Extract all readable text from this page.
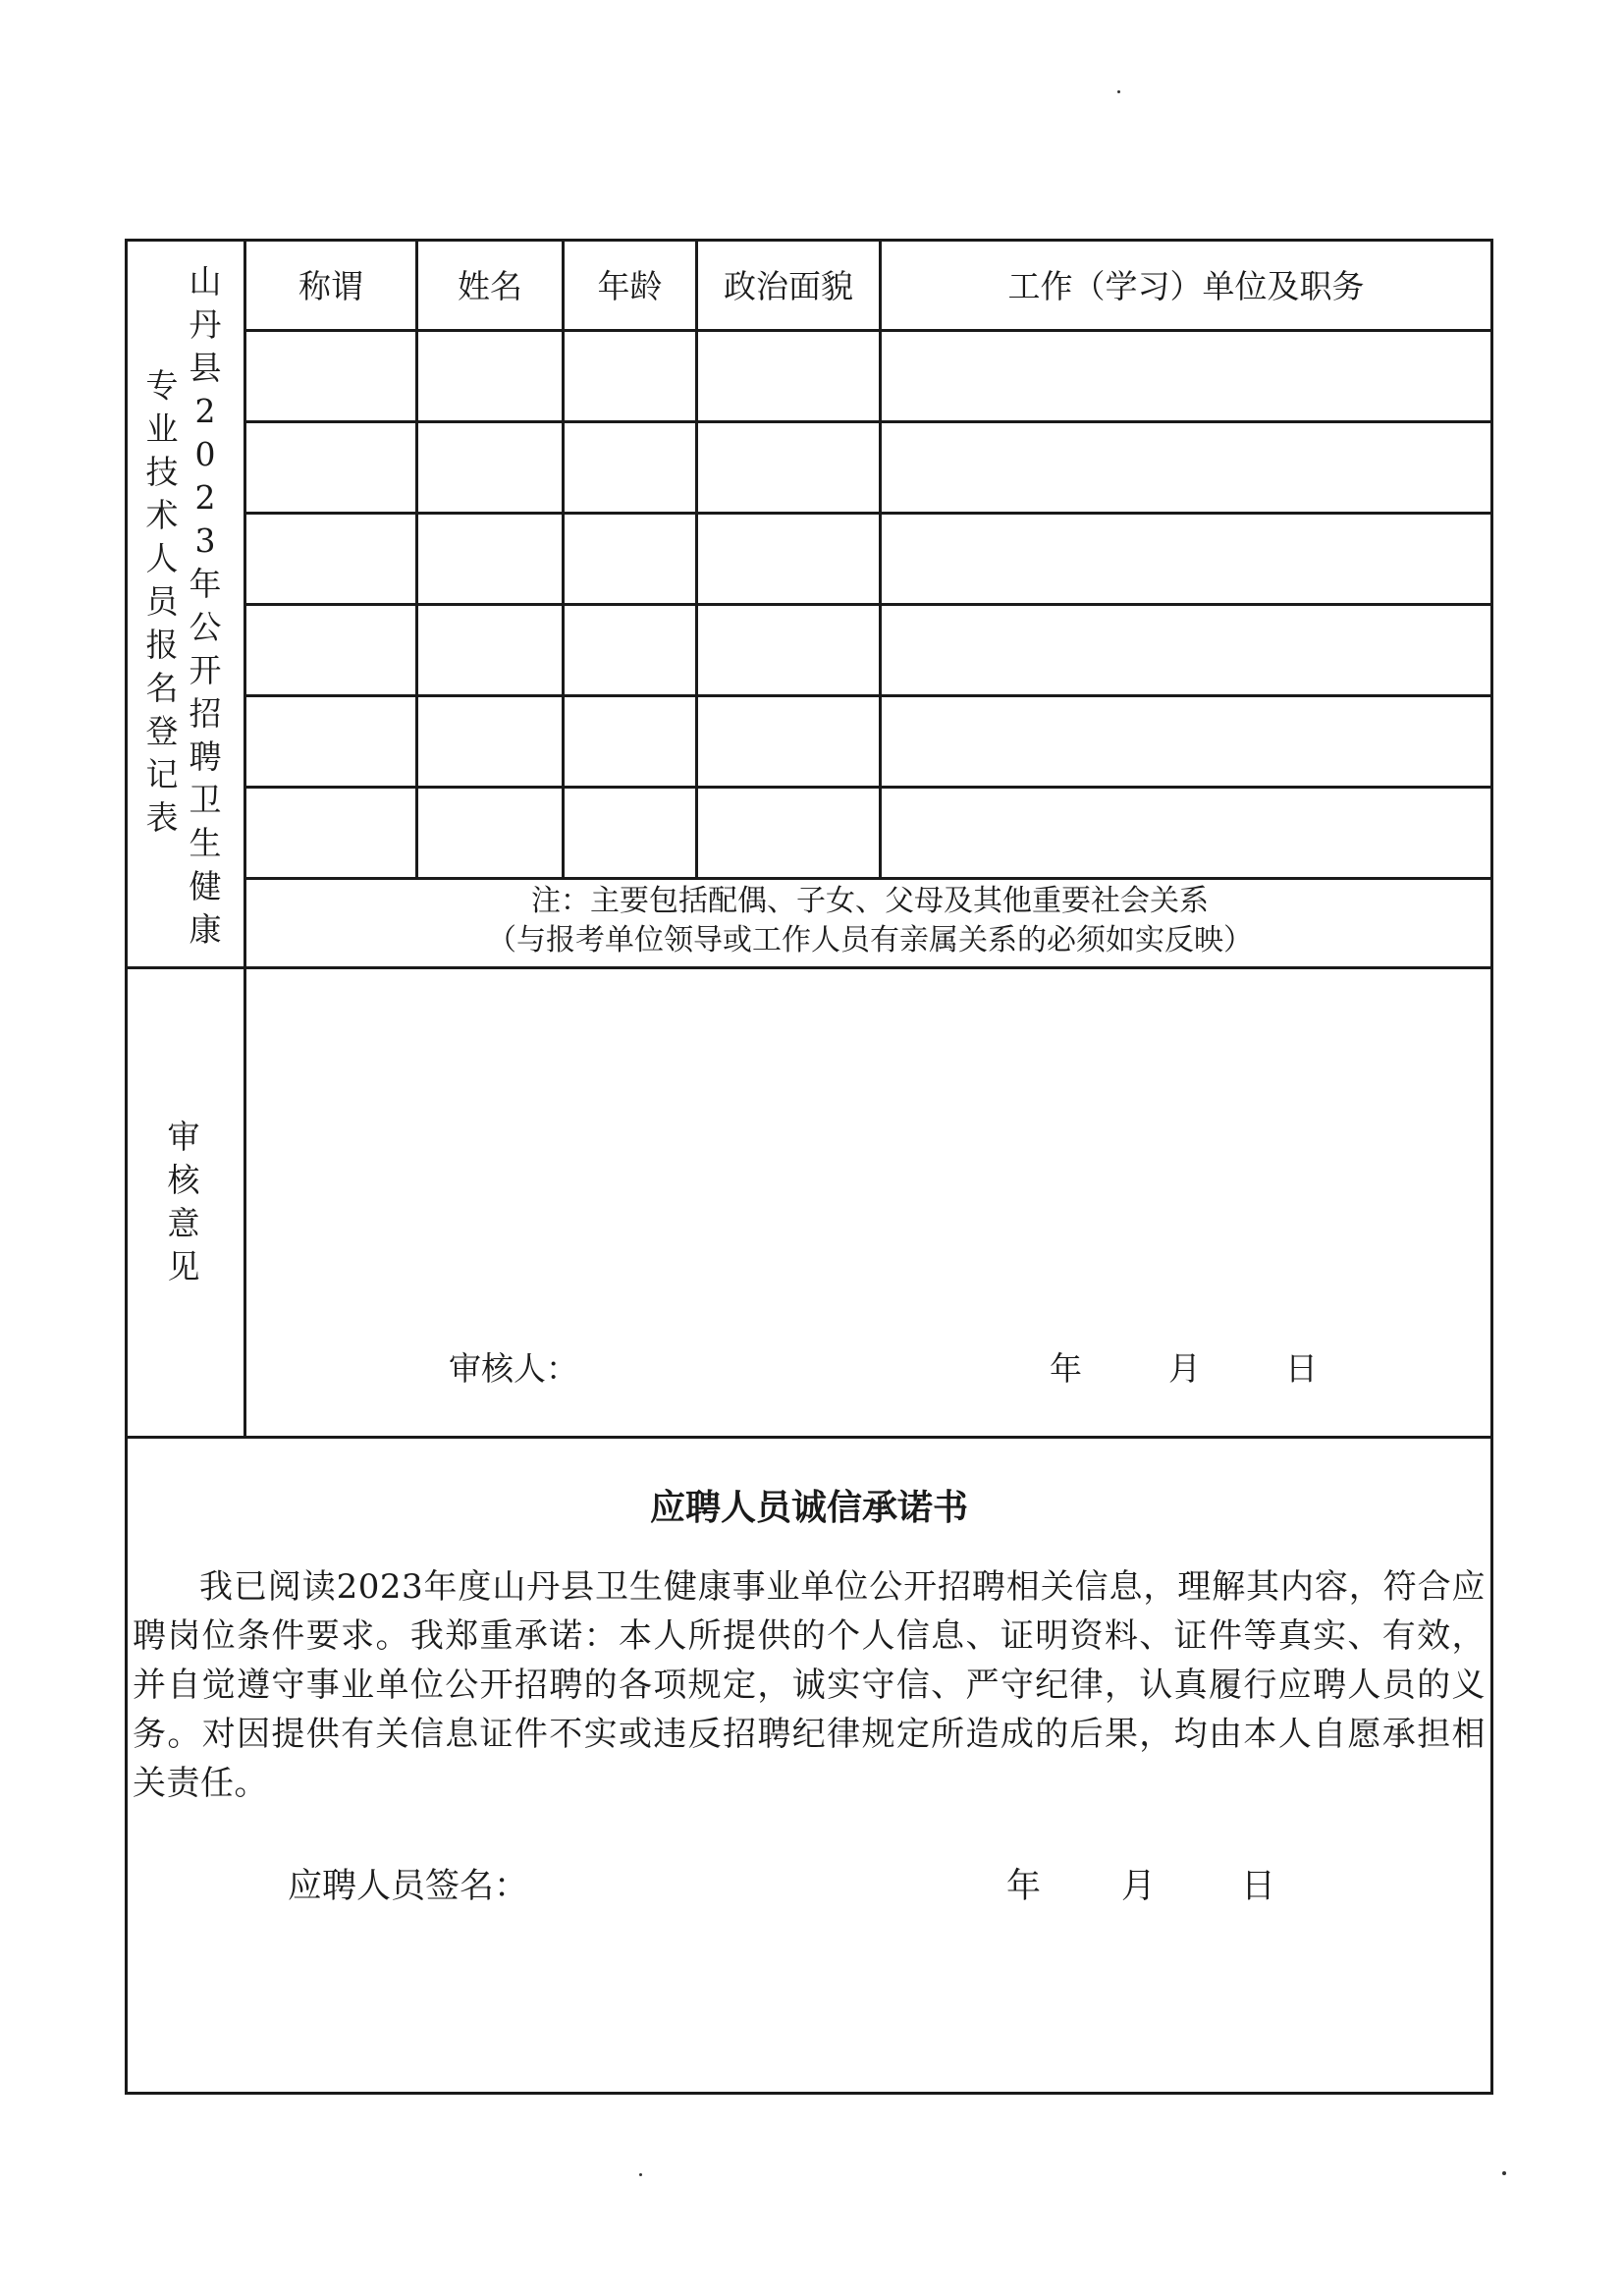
山
丹
县
2
0
2
3
年
公
开
招
聘
卫
生
健
康
专
业
技
术
人
员
报
名
登
记
表
称谓	姓名	年龄	政治面貌	工作（学习）单位及职务
注：主要包括配偶、子女、父母及其他重要社会关系
（与报考单位领导或工作人员有亲属关系的必须如实反映）
审
核
意
见
审核人：	年	月	日
应聘人员诚信承诺书
我已阅读2023年度山丹县卫生健康事业单位公开招聘相关信息，理解其内容，符合应聘岗位条件要求。我郑重承诺：本人所提供的个人信息、证明资料、证件等真实、有效，并自觉遵守事业单位公开招聘的各项规定，诚实守信、严守纪律，认真履行应聘人员的义务。对因提供有关信息证件不实或违反招聘纪律规定所造成的后果，均由本人自愿承担相关责任。
应聘人员签名：	年 月 日
